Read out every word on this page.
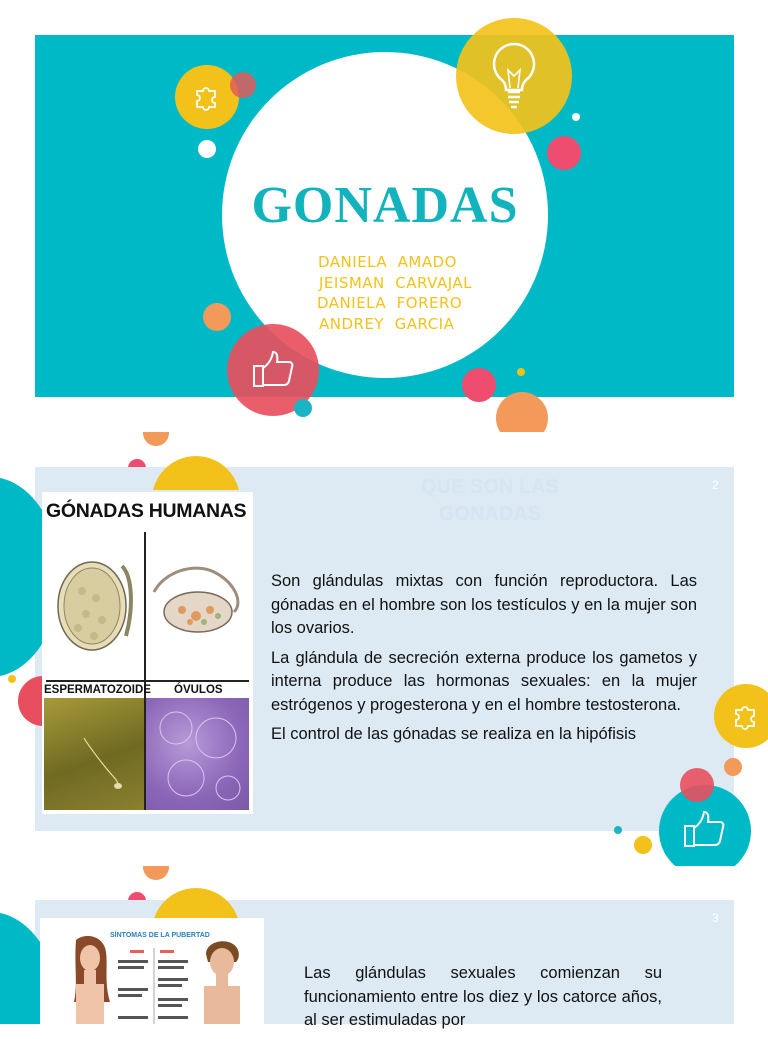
GONADAS
DANIELA  AMADO
JEISMAN  CARVAJAL
DANIELA  FORERO
ANDREY  GARCIA
QUE SON LAS
GONADAS
2
GÓNADAS HUMANAS
ESPERMATOZOIDE ÓVULOS

Son glándulas mixtas con función reproductora. Las gónadas en el hombre son los testículos y en la mujer son los ovarios.

La glándula de secreción externa produce los gametos y interna produce las hormonas sexuales: en la mujer estrógenos y progesterona y en el hombre testosterona.

El control de las gónadas se realiza en la hipófisis

3
SÍNTOMAS DE LA PUBERTAD

Las glándulas sexuales comienzan su funcionamiento entre los diez y los catorce años, al ser estimuladas por
